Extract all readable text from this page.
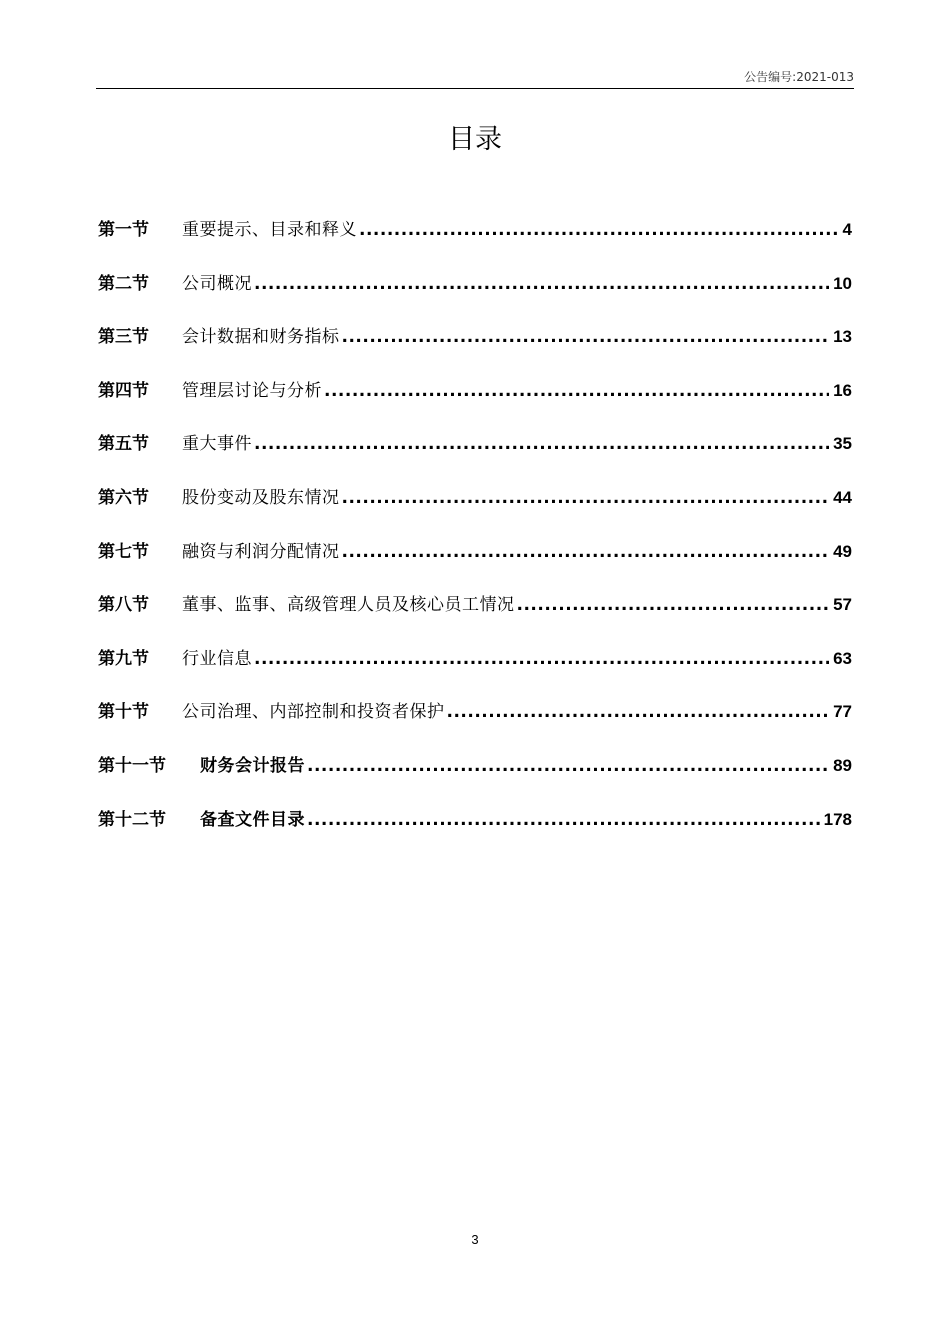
公告编号:2021-013
目录
第一节	重要提示、目录和释义 .....	4
第二节	公司概况 .....	10
第三节	会计数据和财务指标 .....	13
第四节	管理层讨论与分析 .....	16
第五节	重大事件 .....	35
第六节	股份变动及股东情况 .....	44
第七节	融资与利润分配情况 .....	49
第八节	董事、监事、高级管理人员及核心员工情况 .....	57
第九节	行业信息 .....	63
第十节	公司治理、内部控制和投资者保护 .....	77
第十一节	财务会计报告 .....	89
第十二节	备查文件目录 .....	178
3
